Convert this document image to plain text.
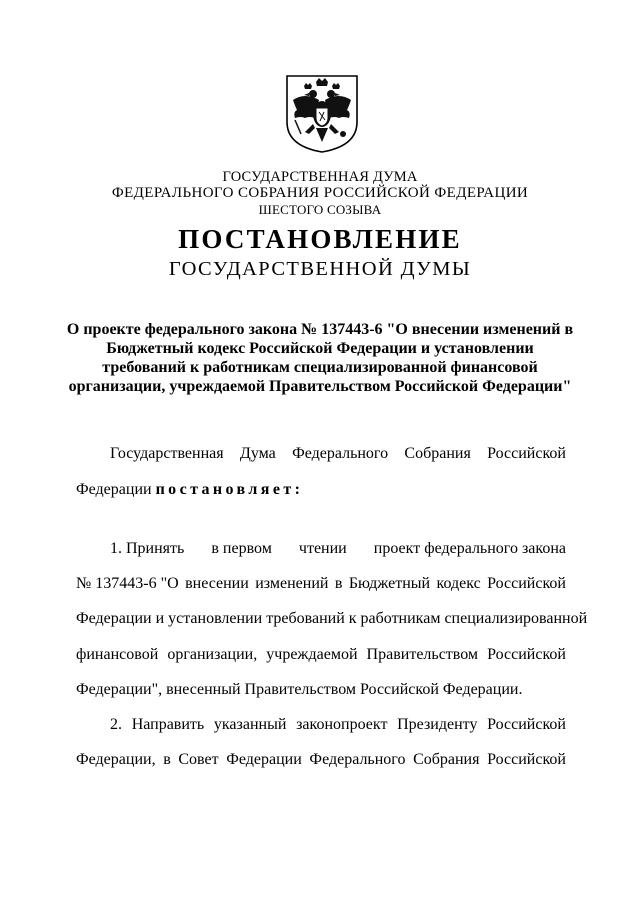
ГОСУДАРСТВЕННАЯ ДУМА
ФЕДЕРАЛЬНОГО СОБРАНИЯ РОССИЙСКОЙ ФЕДЕРАЦИИ
ШЕСТОГО СОЗЫВА
ПОСТАНОВЛЕНИЕ
ГОСУДАРСТВЕННОЙ ДУМЫ
О проекте федерального закона № 137443-6 "О внесении изменений в
Бюджетный кодекс Российской Федерации и установлении
требований к работникам специализированной финансовой
организации, учреждаемой Правительством Российской Федерации"
Государственная Дума Федерального Собрания Российской
Федерации постановляет:
1. Принять в первом чтении проект федерального закона
№ 137443-6 "О внесении изменений в Бюджетный кодекс Российской
Федерации и установлении требований к работникам специализированной
финансовой организации, учреждаемой Правительством Российской
Федерации", внесенный Правительством Российской Федерации.
2. Направить указанный законопроект Президенту Российской
Федерации, в Совет Федерации Федерального Собрания Российской
